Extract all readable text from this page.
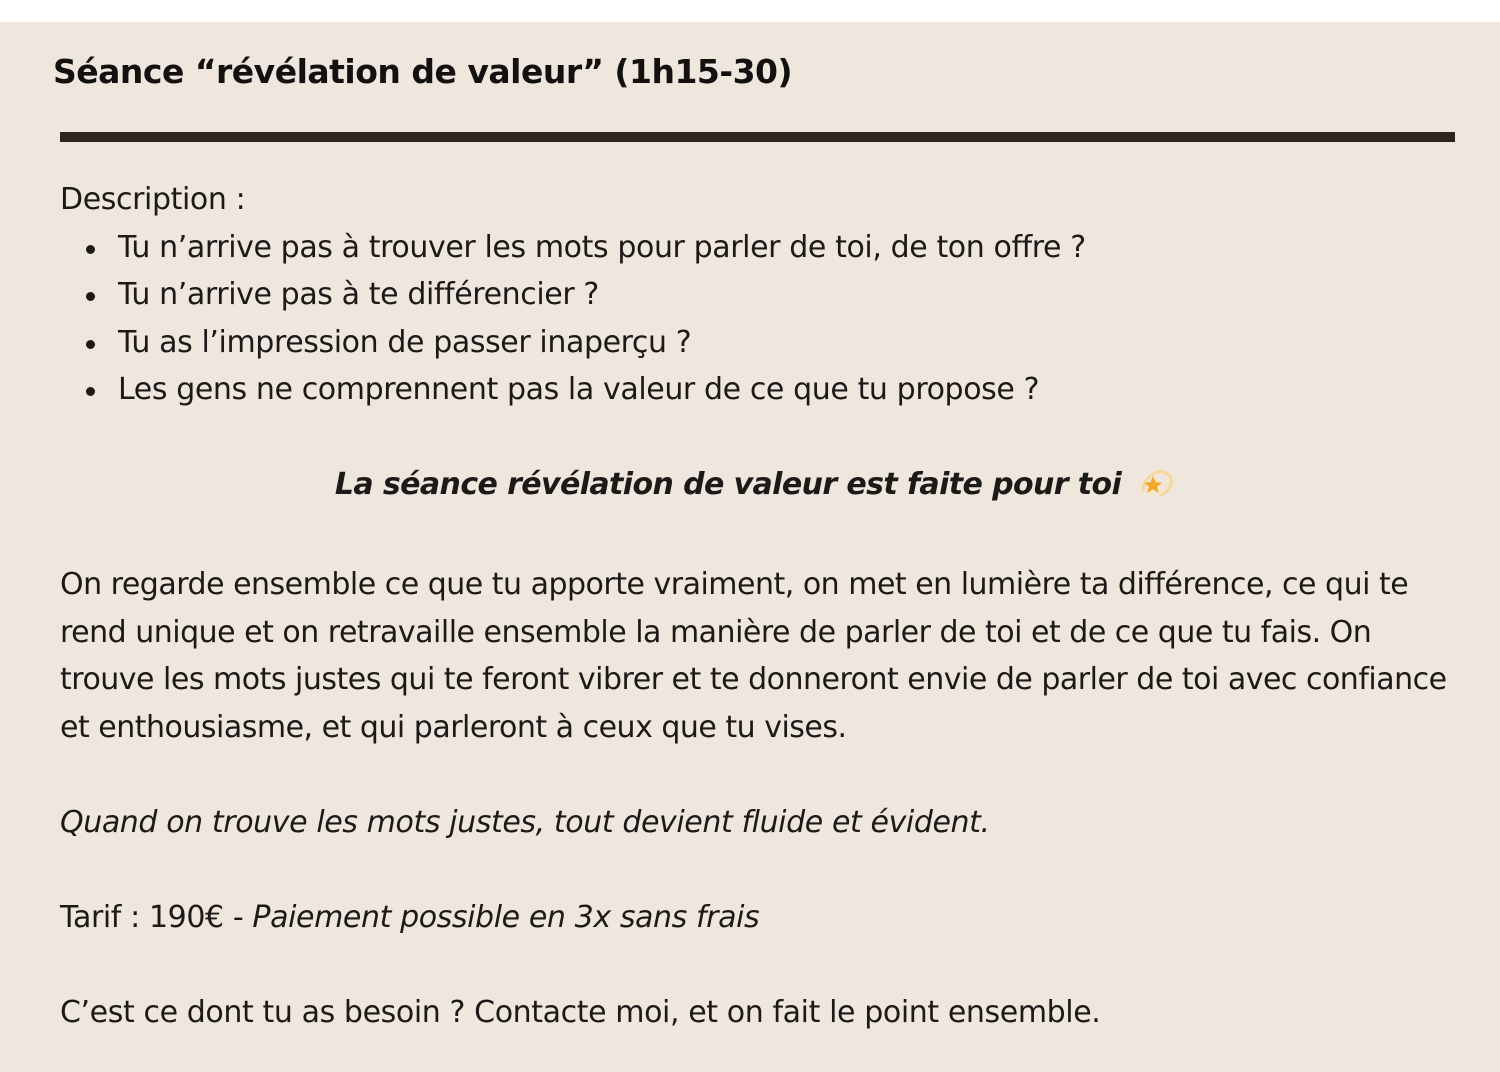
Séance “révélation de valeur” (1h15-30)

Description :

Tu n’arrive pas à trouver les mots pour parler de toi, de ton offre ?
Tu n’arrive pas à te différencier ?
Tu as l’impression de passer inaperçu ?
Les gens ne comprennent pas la valeur de ce que tu propose ?

La séance révélation de valeur est faite pour toi

On regarde ensemble ce que tu apporte vraiment, on met en lumière ta différence, ce qui te rend unique et on retravaille ensemble la manière de parler de toi et de ce que tu fais. On trouve les mots justes qui te feront vibrer et te donneront envie de parler de toi avec confiance et enthousiasme, et qui parleront à ceux que tu vises.

Quand on trouve les mots justes, tout devient fluide et évident.

Tarif : 190€ - Paiement possible en 3x sans frais

C’est ce dont tu as besoin ? Contacte moi, et on fait le point ensemble.
